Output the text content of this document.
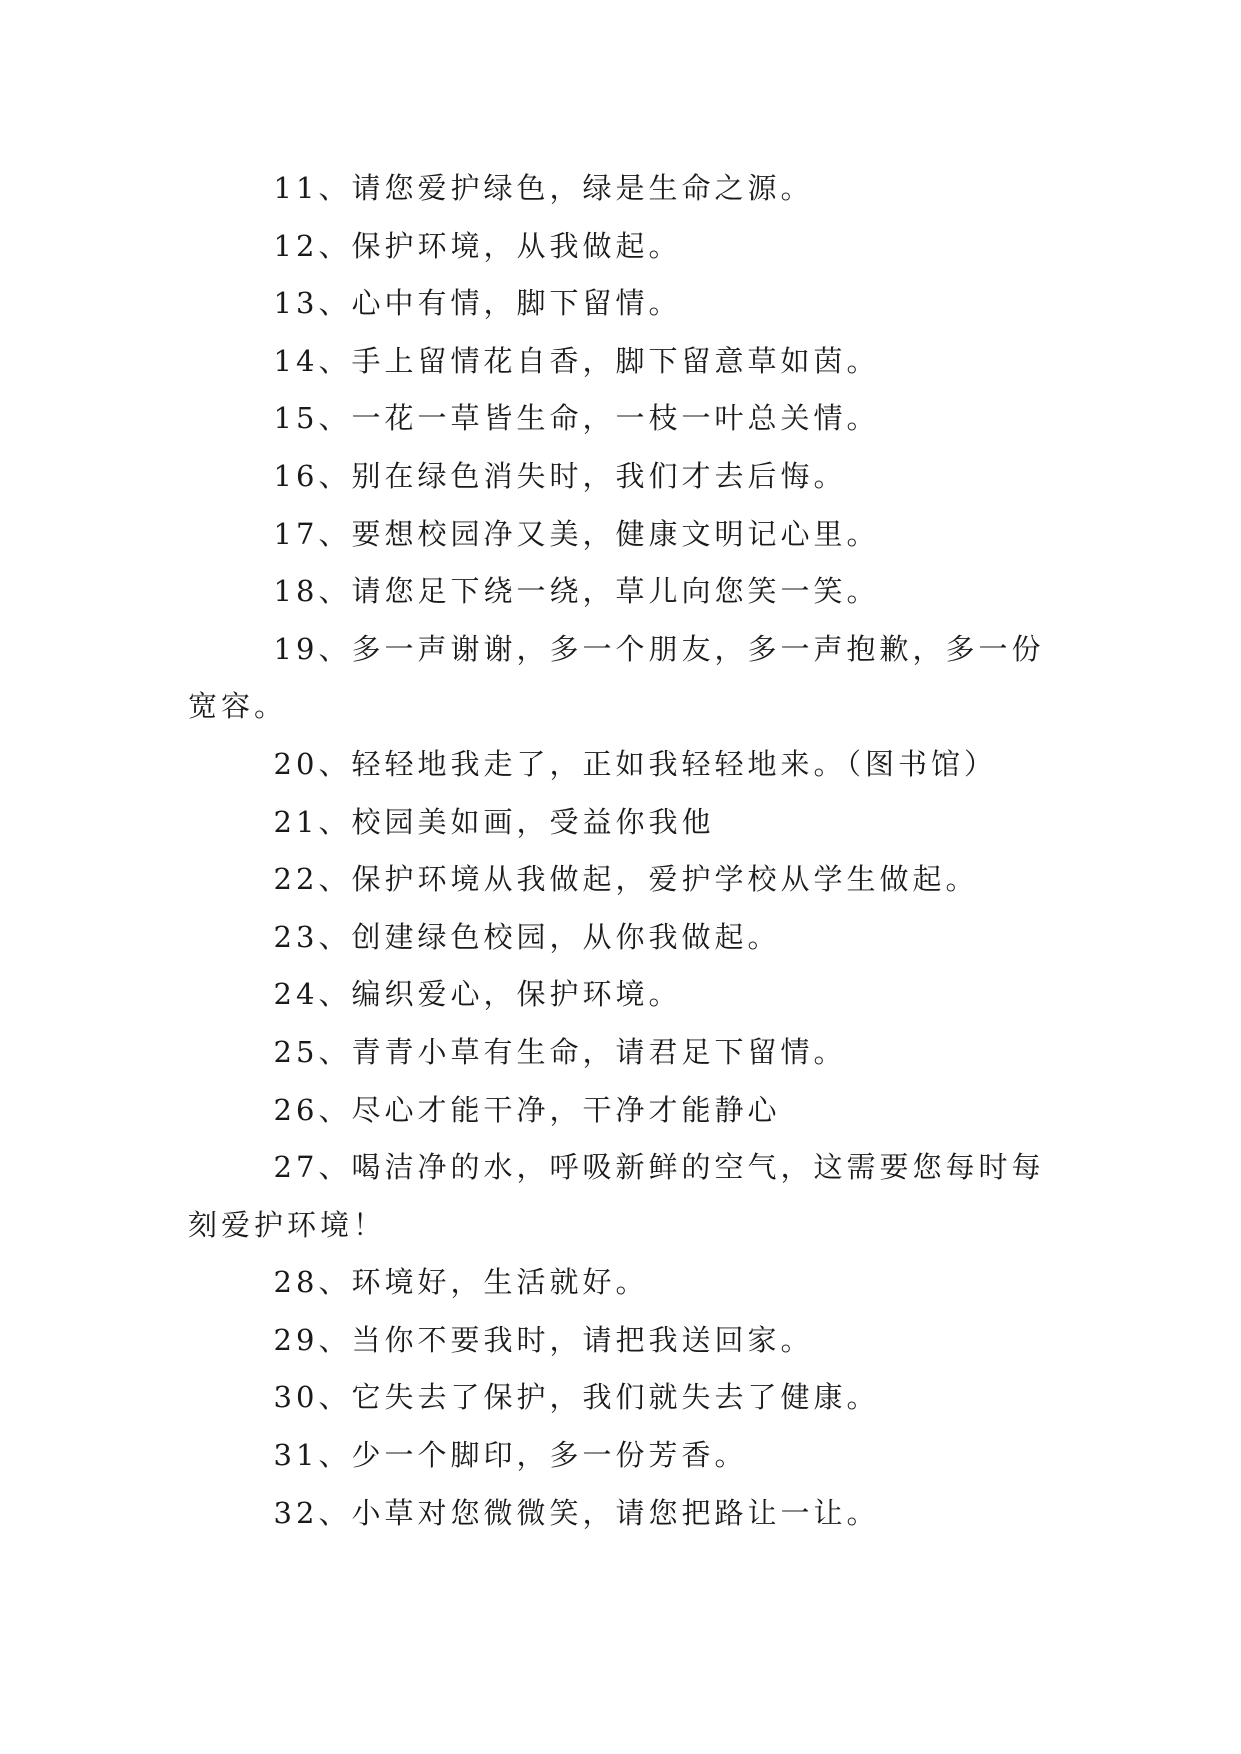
11、请您爱护绿色，绿是生命之源。

12、保护环境，从我做起。

13、心中有情，脚下留情。

14、手上留情花自香，脚下留意草如茵。

15、一花一草皆生命，一枝一叶总关情。

16、别在绿色消失时，我们才去后悔。

17、要想校园净又美，健康文明记心里。

18、请您足下绕一绕，草儿向您笑一笑。

19、多一声谢谢，多一个朋友，多一声抱歉，多一份宽容。

20、轻轻地我走了，正如我轻轻地来。（图书馆）

21、校园美如画，受益你我他

22、保护环境从我做起，爱护学校从学生做起。

23、创建绿色校园，从你我做起。

24、编织爱心，保护环境。

25、青青小草有生命，请君足下留情。

26、尽心才能干净，干净才能静心

27、喝洁净的水，呼吸新鲜的空气，这需要您每时每刻爱护环境！

28、环境好，生活就好。

29、当你不要我时，请把我送回家。

30、它失去了保护，我们就失去了健康。

31、少一个脚印，多一份芳香。

32、小草对您微微笑，请您把路让一让。
